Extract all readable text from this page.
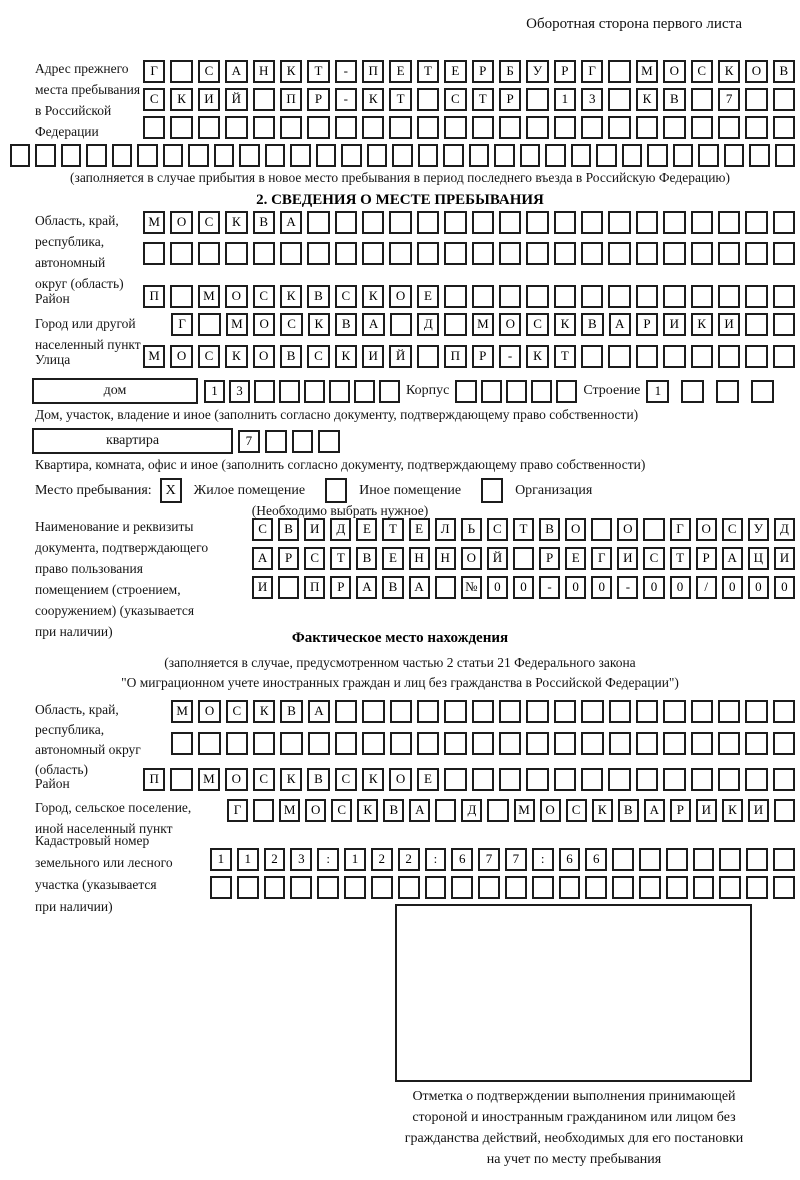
Оборотная сторона первого листа
Адрес прежнего
места пребывания
в Российской
Федерации
Г	С	А	Н	К	Т	-	П	Е	Т	Е	Р	Б	У	Р	Г	М	О	С	К	О	В
С	К	И	Й	П	Р	-	К	Т	С	Т	Р	1	3	К	В	7
(заполняется в случае прибытия в новое место пребывания в период последнего въезда в Российскую Федерацию)
2. СВЕДЕНИЯ О МЕСТЕ ПРЕБЫВАНИЯ
Область, край,
республика,
автономный
округ (область)
М	О	С	К	В	А
Район	П	М	О	С	К	В	С	К	О	Е
Город или другой
населенный пункт
Г	М	О	С	К	В	А	Д	М	О	С	К	В	А	Р	И	К	И
Улица	М	О	С	К	О	В	С	К	И	Й	П	Р	-	К	Т
дом	1	3	Корпус	Строение	1
Дом, участок, владение и иное (заполнить согласно документу, подтверждающему право собственности)
квартира	7
Квартира, комната, офис и иное (заполнить согласно документу, подтверждающему право собственности)
Место пребывания: X	Жилое помещение	Иное помещение	Организация
(Необходимо выбрать нужное)
Наименование и реквизиты
документа, подтверждающего
право пользования
помещением (строением,
сооружением) (указывается
при наличии)
С	В	И	Д	Е	Т	Е	Л	Ь	С	Т	В	О	О	Г	О	С	У	Д
А	Р	С	Т	В	Е	Н	Н	О	Й	Р	Е	Г	И	С	Т	Р	А	Ц	И
И	П	Р	А	В	А	№	0	0	-	0	0	-	0	0	/	0	0	0
Фактическое место нахождения
(заполняется в случае, предусмотренном частью 2 статьи 21 Федерального закона
"О миграционном учете иностранных граждан и лиц без гражданства в Российской Федерации")
Область, край,
республика,
автономный округ
(область)
М	О	С	К	В	А
Район	П	М	О	С	К	В	С	К	О	Е
Город, сельское поселение,
иной населенный пункт
Г	М	О	С	К	В	А	Д	М	О	С	К	В	А	Р	И	К	И
Кадастровый номер
земельного или лесного
участка (указывается
при наличии)
1	1	2	3	:	1	2	2	:	6	7	7	:	6	6
Отметка о подтверждении выполнения принимающей
стороной и иностранным гражданином или лицом без
гражданства действий, необходимых для его постановки
на учет по месту пребывания
